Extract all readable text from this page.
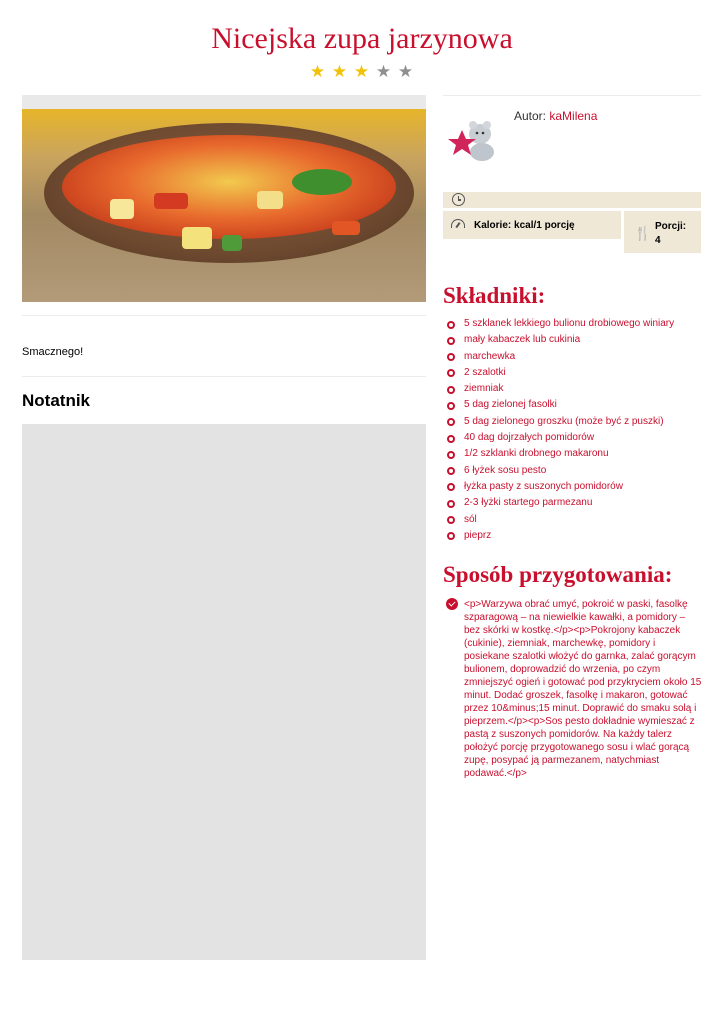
Nicejska zupa jarzynowa
★ ★ ★ ★ ★
Smacznego!
Notatnik
Autor: kaMilena
Kalorie: kcal/1 porcję	🍴 Porcji:
4
Składniki:
5 szklanek lekkiego bulionu drobiowego winiary
mały kabaczek lub cukinia
marchewka
2 szalotki
ziemniak
5 dag zielonej fasolki
5 dag zielonego groszku (może być z puszki)
40 dag dojrzałych pomidorów
1/2 szklanki drobnego makaronu
6 łyżek sosu pesto
łyżka pasty z suszonych pomidorów
2-3 łyżki startego parmezanu
sól
pieprz
Sposób przygotowania:
<p>Warzywa obrać umyć, pokroić w paski, fasolkę szparagową – na niewielkie kawałki, a pomidory – bez skórki w kostkę.</p><p>Pokrojony kabaczek (cukinie), ziemniak, marchewkę, pomidory i posiekane szalotki włożyć do garnka, zalać gorącym bulionem, doprowadzić do wrzenia, po czym zmniejszyć ogień i gotować pod przykryciem około 15 minut. Dodać groszek, fasolkę i makaron, gotować przez 10&minus;15 minut. Doprawić do smaku solą i pieprzem.</p><p>Sos pesto dokładnie wymieszać z pastą z suszonych pomidorów. Na każdy talerz położyć porcję przygotowanego sosu i wlać gorącą zupę, posypać ją parmezanem, natychmiast podawać.</p>
